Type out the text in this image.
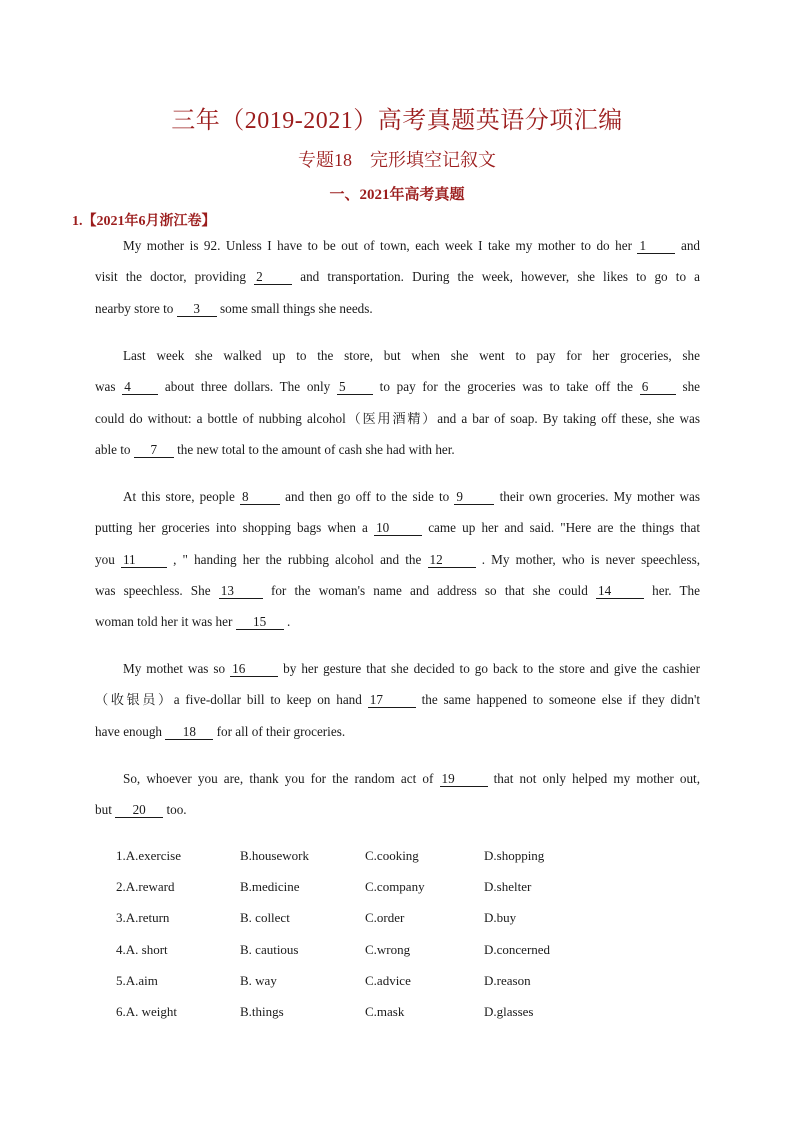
三年（2019-2021）高考真题英语分项汇编
专题18　完形填空记叙文
一、2021年高考真题
1.【2021年6月浙江卷】
My mother is 92. Unless I have to be out of town, each week I take my mother to do her 1	and
visit the doctor, providing 2	and transportation. During the week, however, she likes to go to a
nearby store to 3 some small things she needs.
Last week she walked up to the store, but when she went to pay for her groceries, she
was 4	about three dollars. The only 5	to pay for the groceries was to take off the 6	she
could do without: a bottle of nubbing alcohol（医用酒精）and a bar of soap. By taking off these, she was
able to 7 the new total to the amount of cash she had with her.
At this store, people 8	and then go off to the side to 9	their own groceries. My mother was
putting her groceries into shopping bags when a 10	came up her and said. "Here are the things that
you 11	, " handing her the rubbing alcohol and the 12	. My mother, who is never speechless,
was speechless. She 13	for the woman's name and address so that she could 14	her. The
woman told her it was her 15 .
My mothet was so 16	by her gesture that she decided to go back to the store and give the cashier
（收银员）a five-dollar bill to keep on hand 17	the same happened to someone else if they didn't
have enough 18 for all of their groceries.
So, whoever you are, thank you for the random act of 19	that not only helped my mother out,
but 20 too.
1.A.exercise	B.housework	C.cooking	D.shopping
2.A.reward	B.medicine	C.company	D.shelter
3.A.return	B. collect	C.order	D.buy
4.A. short	B. cautious	C.wrong	D.concerned
5.A.aim	B. way	C.advice	D.reason
6.A. weight	B.things	C.mask	D.glasses
